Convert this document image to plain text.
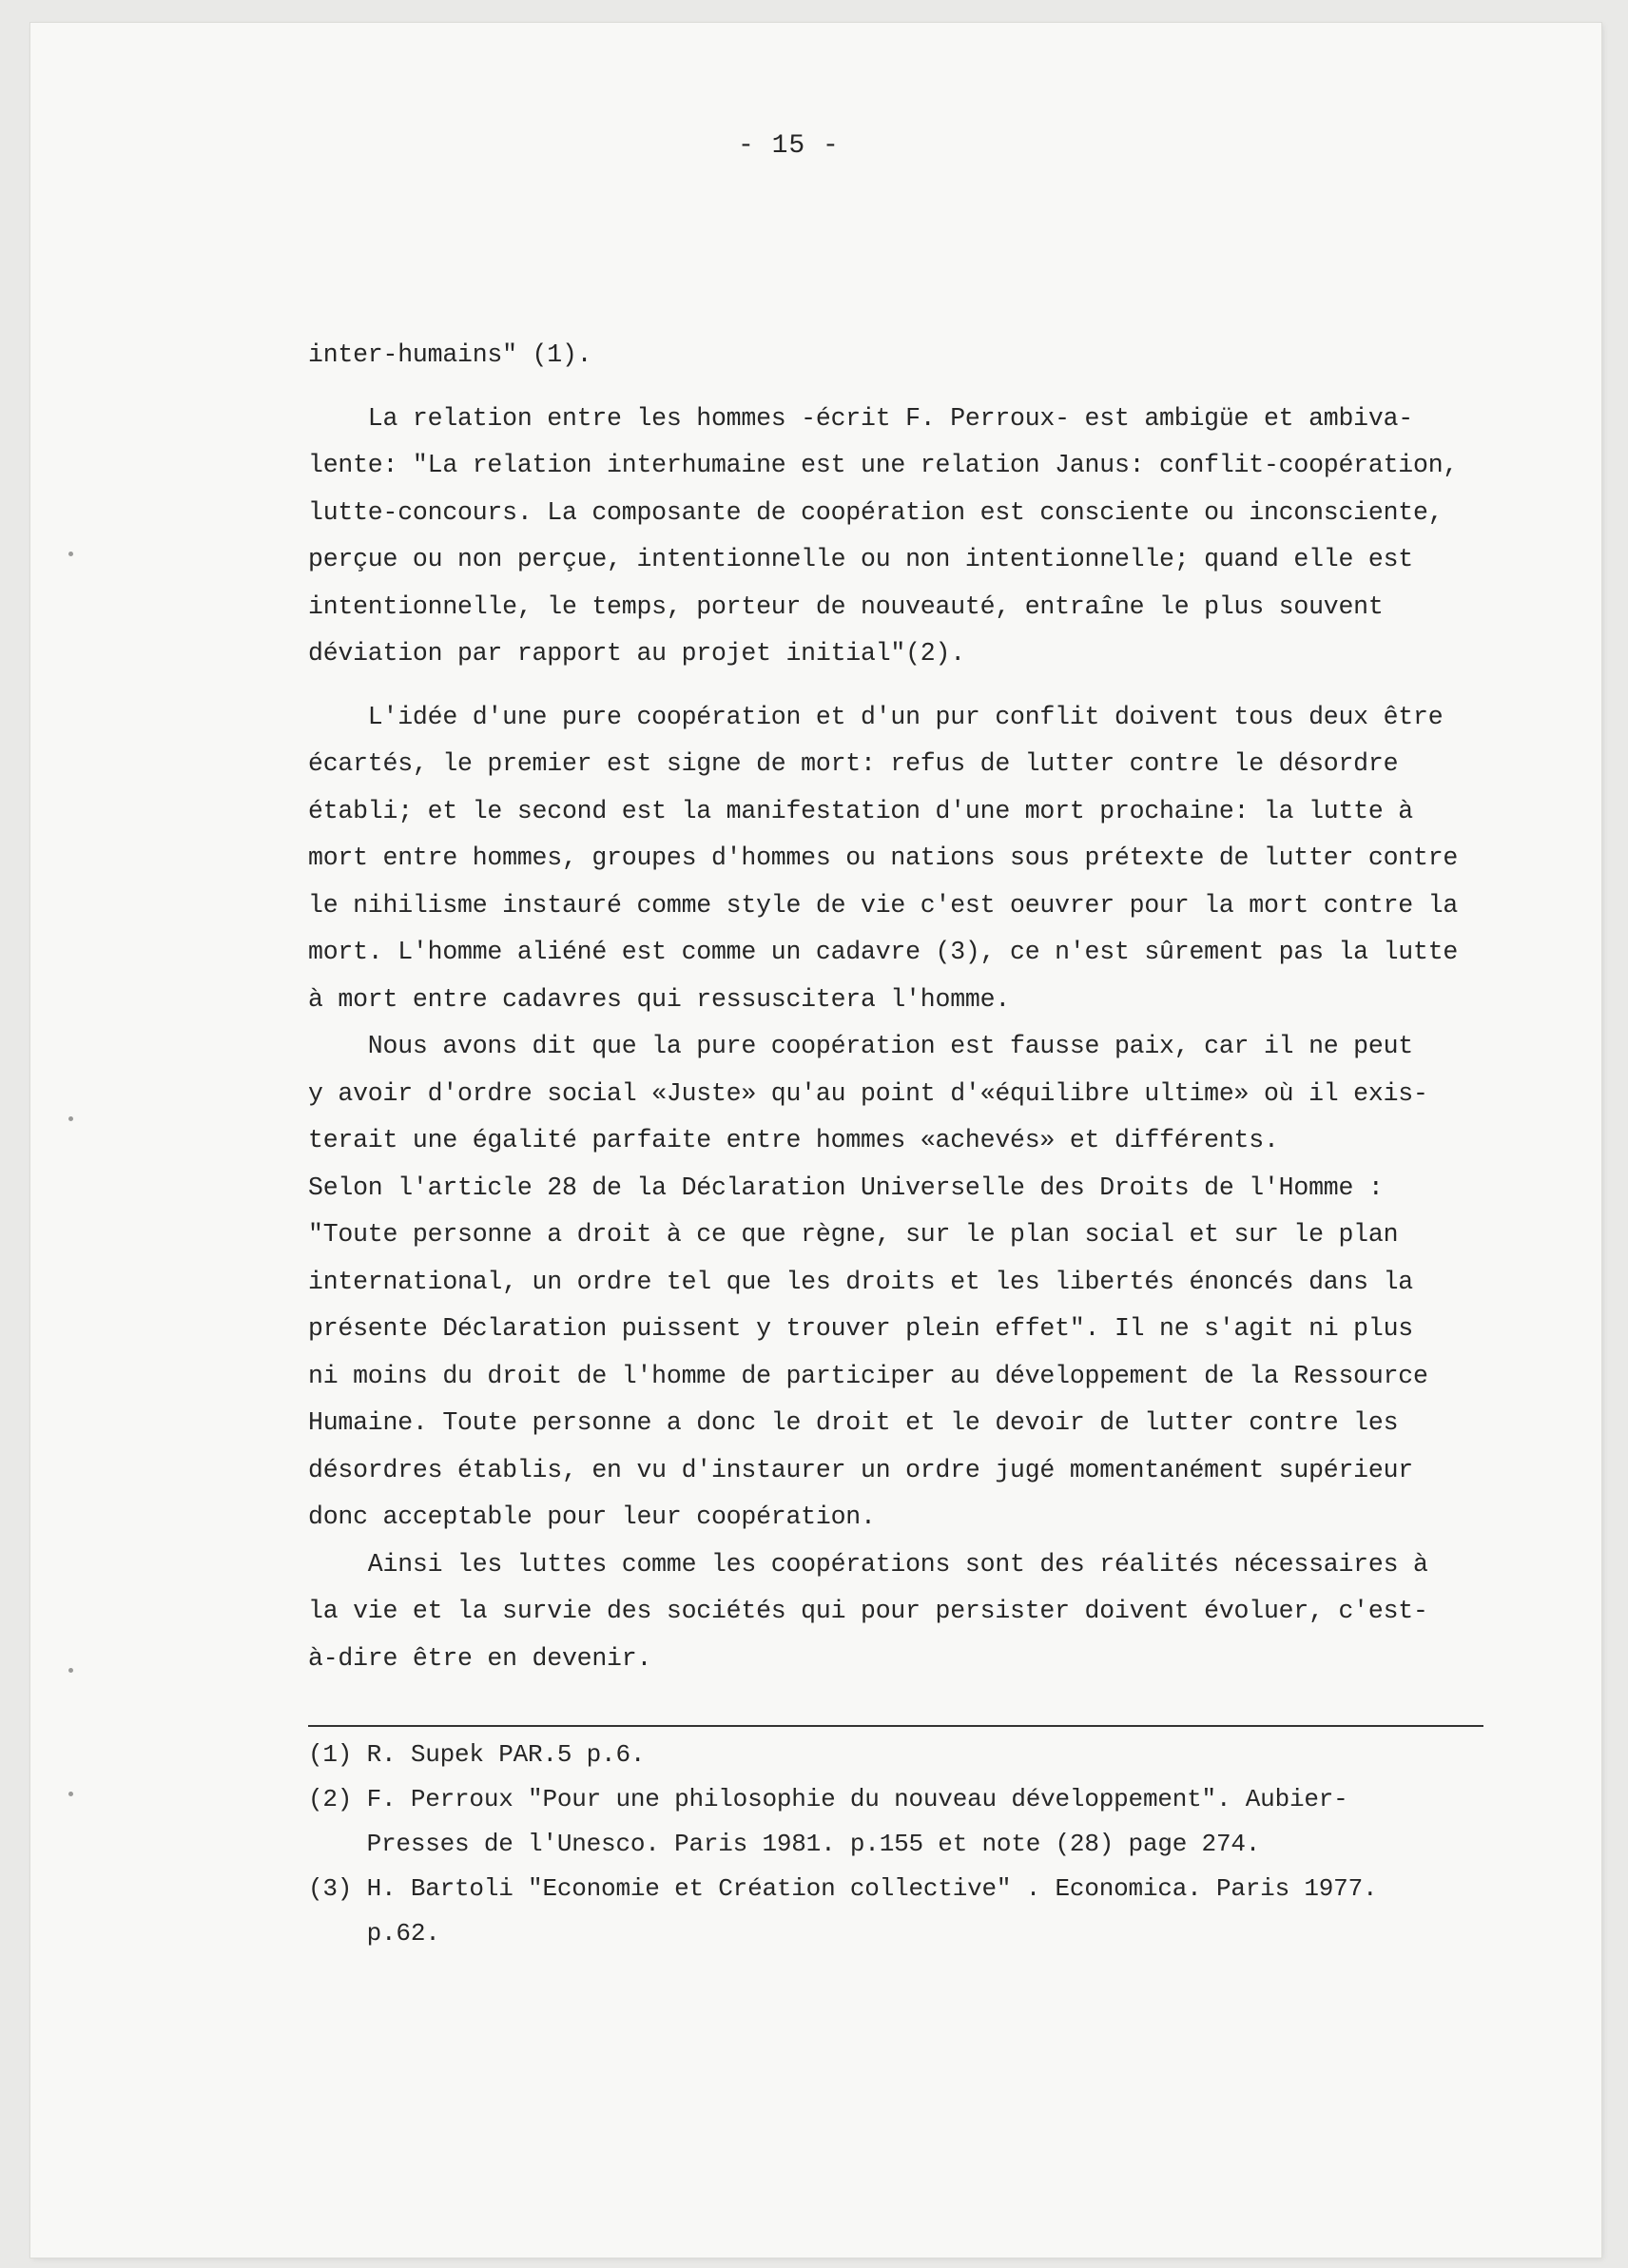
- 15 -
inter-humains" (1).
La relation entre les hommes -écrit F. Perroux- est ambigüe et ambiva-
lente: "La relation interhumaine est une relation Janus: conflit-coopération,
lutte-concours. La composante de coopération est consciente ou inconsciente,
perçue ou non perçue, intentionnelle ou non intentionnelle; quand elle est
intentionnelle, le temps, porteur de nouveauté, entraîne le plus souvent
déviation par rapport au projet initial"(2).
L'idée d'une pure coopération et d'un pur conflit doivent tous deux être
écartés, le premier est signe de mort: refus de lutter contre le désordre
établi; et le second est la manifestation d'une mort prochaine: la lutte à
mort entre hommes, groupes d'hommes ou nations sous prétexte de lutter contre
le nihilisme instauré comme style de vie c'est oeuvrer pour la mort contre la
mort. L'homme aliéné est comme un cadavre (3), ce n'est sûrement pas la lutte
à mort entre cadavres qui ressuscitera l'homme.
Nous avons dit que la pure coopération est fausse paix, car il ne peut
y avoir d'ordre social «Juste» qu'au point d'«équilibre ultime» où il exis-
terait une égalité parfaite entre hommes «achevés» et différents.
Selon l'article 28 de la Déclaration Universelle des Droits de l'Homme :
"Toute personne a droit à ce que règne, sur le plan social et sur le plan
international, un ordre tel que les droits et les libertés énoncés dans la
présente Déclaration puissent y trouver plein effet". Il ne s'agit ni plus
ni moins du droit de l'homme de participer au développement de la Ressource
Humaine. Toute personne a donc le droit et le devoir de lutter contre les
désordres établis, en vu d'instaurer un ordre jugé momentanément supérieur
donc acceptable pour leur coopération.
Ainsi les luttes comme les coopérations sont des réalités nécessaires à
la vie et la survie des sociétés qui pour persister doivent évoluer, c'est-
à-dire être en devenir.
(1) R. Supek PAR.5 p.6.
(2) F. Perroux "Pour une philosophie du nouveau développement". Aubier-
Presses de l'Unesco. Paris 1981. p.155 et note (28) page 274.
(3) H. Bartoli "Economie et Création collective" . Economica. Paris 1977.
p.62.
